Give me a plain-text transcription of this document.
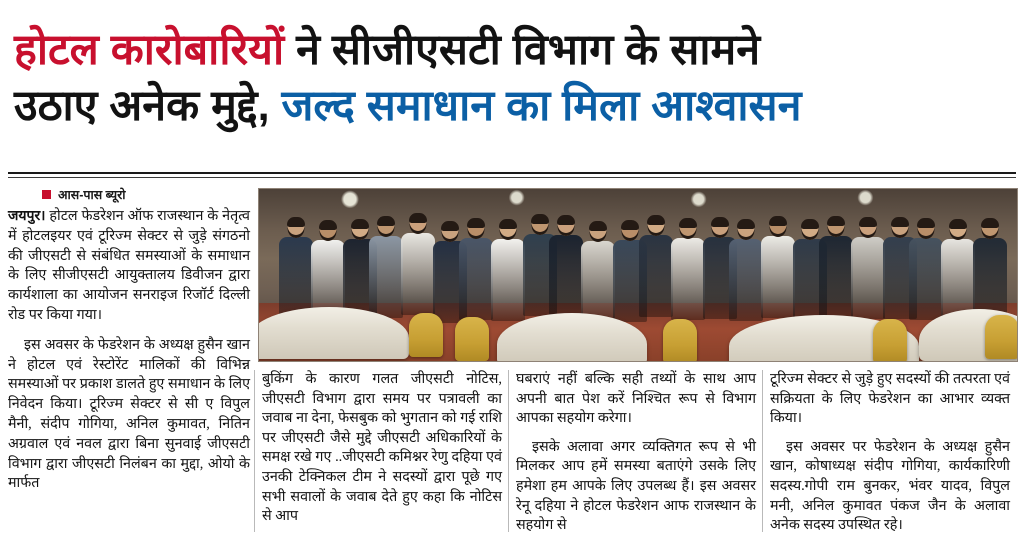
होटल कारोबारियों ने सीजीएसटी विभाग के सामने
उठाए अनेक मुद्दे, जल्द समाधान का मिला आश्वासन
आस-पास ब्यूरो

जयपुर। होटल फेडरेशन ऑफ राजस्थान के नेतृत्व में होटलइयर एवं टूरिज्म सेक्टर से जुड़े संगठनो की जीएसटी से संबंधित समस्याओं के समाधान के लिए सीजीएसटी आयुक्तालय डिवीजन द्वारा कार्यशाला का आयोजन सनराइज रिजॉर्ट दिल्ली रोड पर किया गया।

इस अवसर के फेडरेशन के अध्यक्ष हुसैन खान ने होटल एवं रेस्टोरेंट मालिकों की विभिन्न समस्याओं पर प्रकाश डालते हुए समाधान के लिए निवेदन किया। टूरिज्म सेक्टर से सी ए विपुल मैनी, संदीप गोगिया, अनिल कुमावत, नितिन अग्रवाल एवं नवल द्वारा बिना सुनवाई जीएसटी विभाग द्वारा जीएसटी निलंबन का मुद्दा, ओयो के मार्फत

बुकिंग के कारण गलत जीएसटी नोटिस, जीएसटी विभाग द्वारा समय पर पत्रावली का जवाब ना देना, फेसबुक को भुगतान को गई राशि पर जीएसटी जैसे मुद्दे जीएसटी अधिकारियों के समक्ष रखे गए ..जीएसटी कमिश्नर रेणु दहिया एवं उनकी टेक्निकल टीम ने सदस्यों द्वारा पूछे गए सभी सवालों के जवाब देते हुए कहा कि नोटिस से आप

घबराएं नहीं बल्कि सही तथ्यों के साथ आप अपनी बात पेश करें निश्चित रूप से विभाग आपका सहयोग करेगा।

इसके अलावा अगर व्यक्तिगत रूप से भी मिलकर आप हमें समस्या बताएंगे उसके लिए हमेशा हम आपके लिए उपलब्ध हैं। इस अवसर रेनू दहिया ने होटल फेडरेशन आफ राजस्थान के सहयोग से

टूरिज्म सेक्टर से जुड़े हुए सदस्यों की तत्परता एवं सक्रियता के लिए फेडरेशन का आभार व्यक्त किया।

इस अवसर पर फेडरेशन के अध्यक्ष हुसैन खान, कोषाध्यक्ष संदीप गोगिया, कार्यकारिणी सदस्य.गोपी राम बुनकर, भंवर यादव, विपुल मनी, अनिल कुमावत पंकज जैन के अलावा अनेक सदस्य उपस्थित रहे।
